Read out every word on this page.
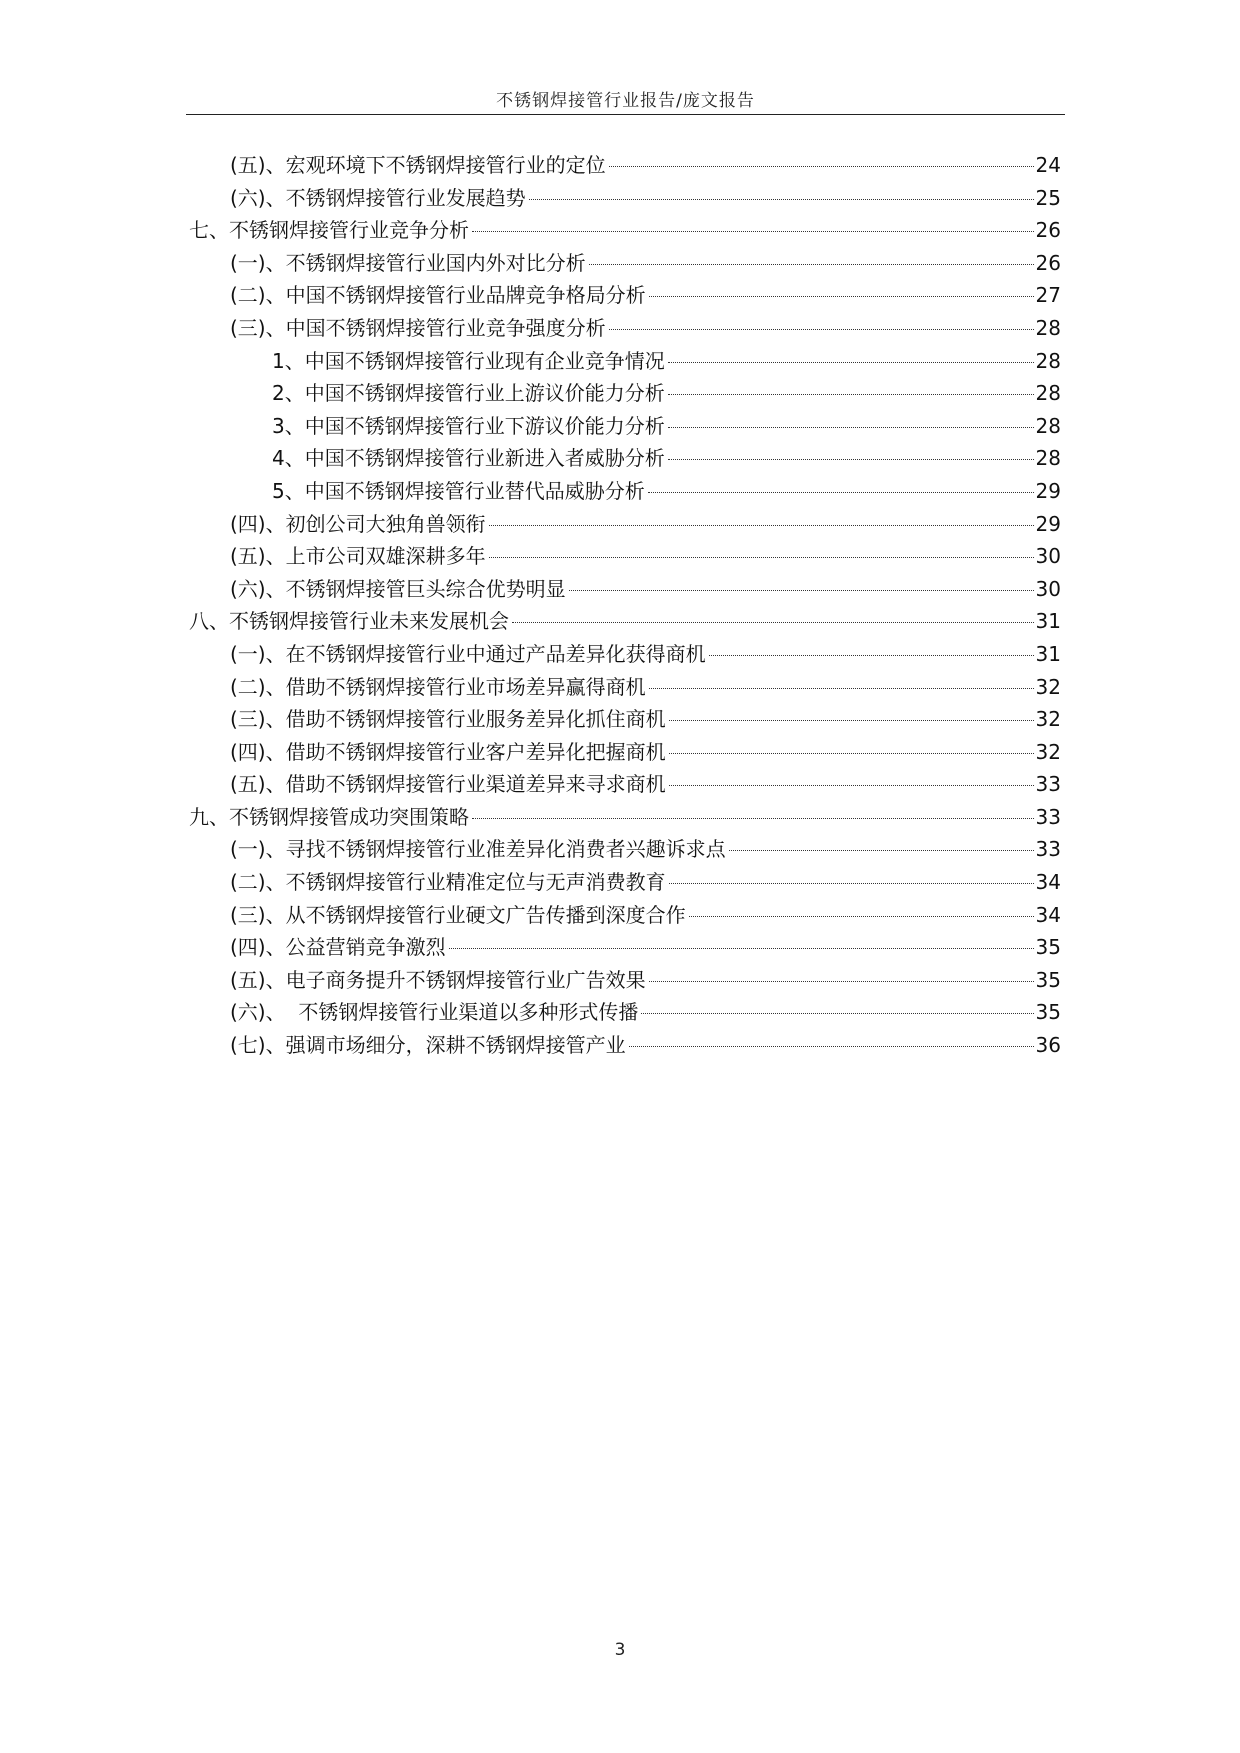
不锈钢焊接管行业报告/庞文报告
(五)、宏观环境下不锈钢焊接管行业的定位	24
(六)、不锈钢焊接管行业发展趋势	25
七、不锈钢焊接管行业竞争分析	26
(一)、不锈钢焊接管行业国内外对比分析	26
(二)、中国不锈钢焊接管行业品牌竞争格局分析	27
(三)、中国不锈钢焊接管行业竞争强度分析	28
1、中国不锈钢焊接管行业现有企业竞争情况	28
2、中国不锈钢焊接管行业上游议价能力分析	28
3、中国不锈钢焊接管行业下游议价能力分析	28
4、中国不锈钢焊接管行业新进入者威胁分析	28
5、中国不锈钢焊接管行业替代品威胁分析	29
(四)、初创公司大独角兽领衔	29
(五)、上市公司双雄深耕多年	30
(六)、不锈钢焊接管巨头综合优势明显	30
八、不锈钢焊接管行业未来发展机会	31
(一)、在不锈钢焊接管行业中通过产品差异化获得商机	31
(二)、借助不锈钢焊接管行业市场差异赢得商机	32
(三)、借助不锈钢焊接管行业服务差异化抓住商机	32
(四)、借助不锈钢焊接管行业客户差异化把握商机	32
(五)、借助不锈钢焊接管行业渠道差异来寻求商机	33
九、不锈钢焊接管成功突围策略	33
(一)、寻找不锈钢焊接管行业准差异化消费者兴趣诉求点	33
(二)、不锈钢焊接管行业精准定位与无声消费教育	34
(三)、从不锈钢焊接管行业硬文广告传播到深度合作	34
(四)、公益营销竞争激烈	35
(五)、电子商务提升不锈钢焊接管行业广告效果	35
(六)、  不锈钢焊接管行业渠道以多种形式传播	35
(七)、强调市场细分，深耕不锈钢焊接管产业	36
3
